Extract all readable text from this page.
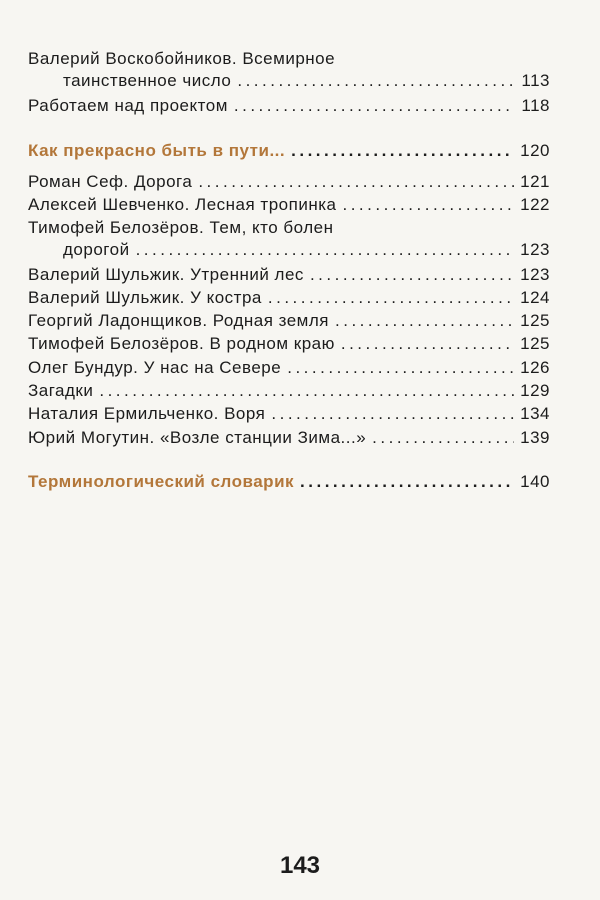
Валерий Воскобойников. Всемирное
таинственное число .....	113
Работаем над проектом .....	118
Как прекрасно быть в пути... .....	120
Роман Сеф. Дорога .....	121
Алексей Шевченко. Лесная тропинка .....	122
Тимофей Белозёров. Тем, кто болен
дорогой .....	123
Валерий Шульжик. Утренний лес .....	123
Валерий Шульжик. У костра .....	124
Георгий Ладонщиков. Родная земля .....	125
Тимофей Белозёров. В родном краю .....	125
Олег Бундур. У нас на Севере .....	126
Загадки .....	129
Наталия Ермильченко. Воря .....	134
Юрий Могутин. «Возле станции Зима...» .....	139
Терминологический словарик .....	140
143
